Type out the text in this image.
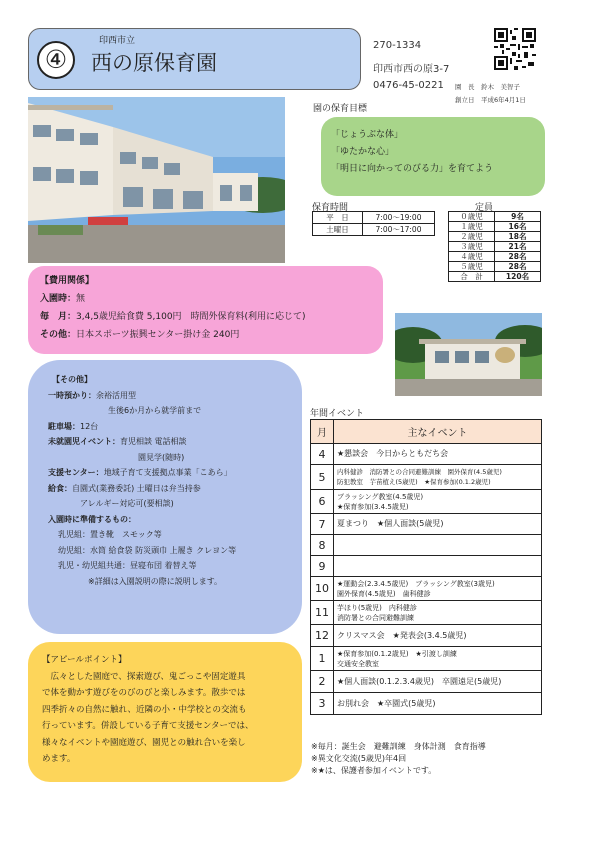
印西市立
④	西の原保育園
270-1334
印西市西の原3-7
0476-45-0221 園　長　鈴木　美智子
創立日　平成6年4月1日
園の保育目標
「じょうぶな体」
「ゆたかな心」
「明日に向かってのびる力」を育てよう
保育時間	定員
平　日	7:00～19:00
土曜日	7:00～17:00
０歳児	9名
１歳児	16名
２歳児	18名
３歳児	21名
４歳児	28名
５歳児	28名
合　計	120名
【費用関係】
入園時：無
毎　月：3,4,5歳児給食費 5,100円　時間外保育料(利用に応じて)
その他：日本スポーツ振興センター掛け金 240円
【その他】
一時預かり：余裕活用型
生後6か月から就学前まで
駐車場：12台
未就園児イベント：育児相談 電話相談
園見学(随時)
支援センター：地域子育て支援拠点事業「こあら」
給食：自園式(業務委託) 土曜日は弁当持参
アレルギー対応可(要相談)
入園時に準備するもの：
乳児組：置き靴　スモック等
幼児組：水筒 給食袋 防災頭巾 上履き クレヨン等
乳児・幼児組共通：昼寝布団 着替え等
※詳細は入園説明の際に説明します。
【アピールポイント】
　広々とした園庭で、探索遊び、鬼ごっこや固定遊具
で体を動かす遊びをのびのびと楽しみます。散歩では
四季折々の自然に触れ、近隣の小・中学校との交流も
行っています。併設している子育て支援センターでは、
様々なイベントや園庭遊び、園児との触れ合いを楽し
めます。
年間イベント
月	主なイベント
4	★懇談会　今日からともだち会

5	内科健診　消防署との合同避難訓練　園外保育(4.5歳児)
防犯教室　芋苗植え(5歳児)　★保育参加(0.1.2歳児)

6	ブラッシング教室(4.5歳児)
★保育参加(3.4.5歳児)

7	夏まつり　★個人面談(5歳児)

8	

9	

10	★運動会(2.3.4.5歳児)　ブラッシング教室(3歳児)
園外保育(4.5歳児)　歯科健診

11	芋ほり(5歳児)　内科健診
消防署との合同避難訓練

12	クリスマス会　★発表会(3.4.5歳児)

1	★保育参加(0.1.2歳児)　★引渡し訓練
交通安全教室

2	★個人面談(0.1.2.3.4歳児)　卒園遠足(5歳児)

3	お別れ会　★卒園式(5歳児)
※毎月：誕生会　避難訓練　身体計測　食育指導
※異文化交流(5歳児)年4回
※★は、保護者参加イベントです。
